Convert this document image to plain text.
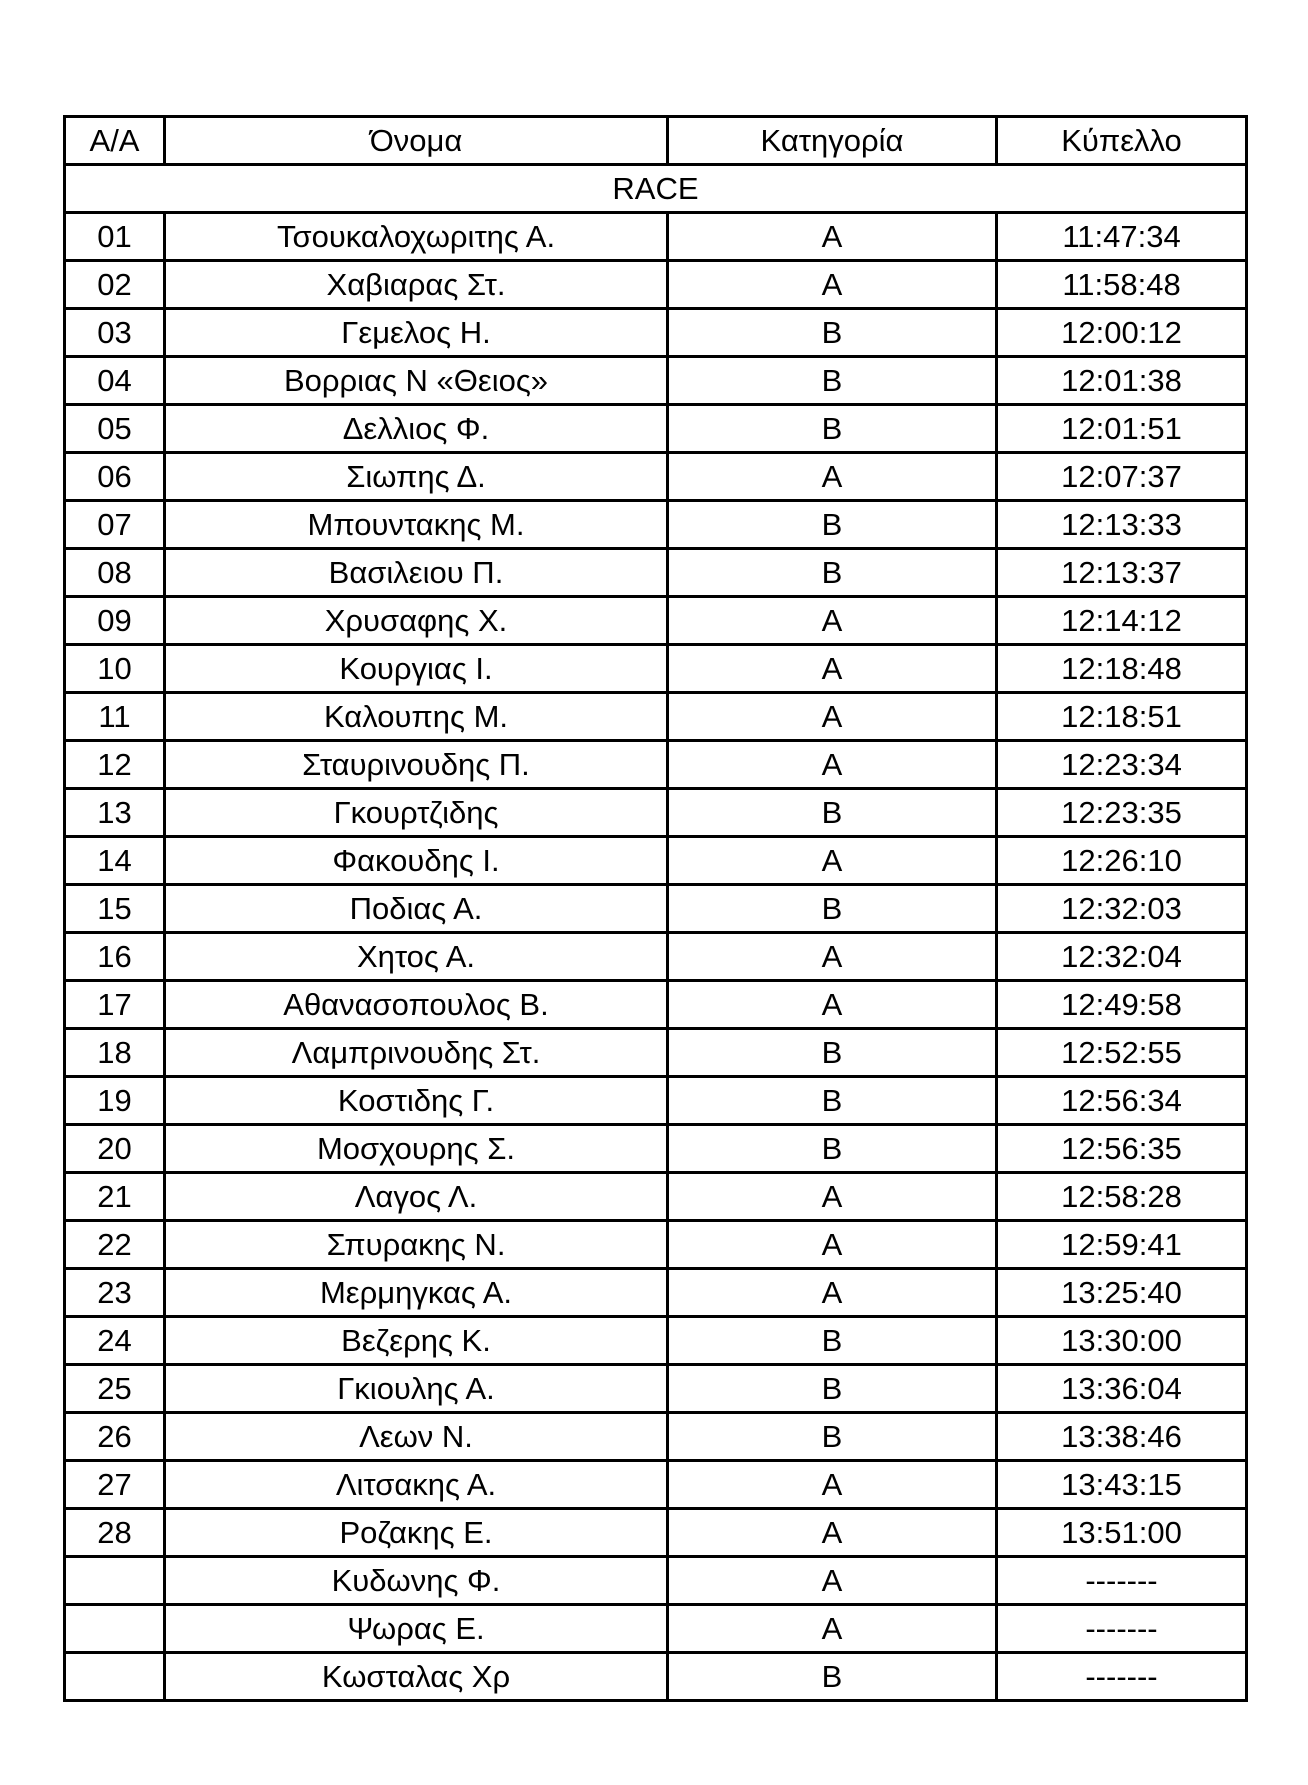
Α/Α	Όνομα	Κατηγορία	Κύπελλο
RACE			
01	Τσουκαλοχωριτης Α.	Α	11:47:34
02	Χαβιαρας Στ.	Α	11:58:48
03	Γεμελος Η.	Β	12:00:12
04	Βορριας Ν «Θειος»	Β	12:01:38
05	Δελλιος Φ.	Β	12:01:51
06	Σιωπης Δ.	Α	12:07:37
07	Μπουντακης Μ.	Β	12:13:33
08	Βασιλειου Π.	Β	12:13:37
09	Χρυσαφης Χ.	Α	12:14:12
10	Κουργιας Ι.	Α	12:18:48
11	Καλουπης Μ.	Α	12:18:51
12	Σταυρινουδης Π.	Α	12:23:34
13	Γκουρτζιδης	Β	12:23:35
14	Φακουδης Ι.	Α	12:26:10
15	Ποδιας Α.	Β	12:32:03
16	Χητος Α.	Α	12:32:04
17	Αθανασοπουλος Β.	Α	12:49:58
18	Λαμπρινουδης Στ.	Β	12:52:55
19	Κοστιδης Γ.	Β	12:56:34
20	Μοσχουρης Σ.	Β	12:56:35
21	Λαγος Λ.	Α	12:58:28
22	Σπυρακης Ν.	Α	12:59:41
23	Μερμηγκας Α.	Α	13:25:40
24	Βεζερης Κ.	Β	13:30:00
25	Γκιουλης Α.	Β	13:36:04
26	Λεων Ν.	Β	13:38:46
27	Λιτσακης Α.	Α	13:43:15
28	Ροζακης Ε.	Α	13:51:00
	Κυδωνης Φ.	Α	-------
	Ψωρας Ε.	Α	-------
	Κωσταλας Χρ	Β	-------
